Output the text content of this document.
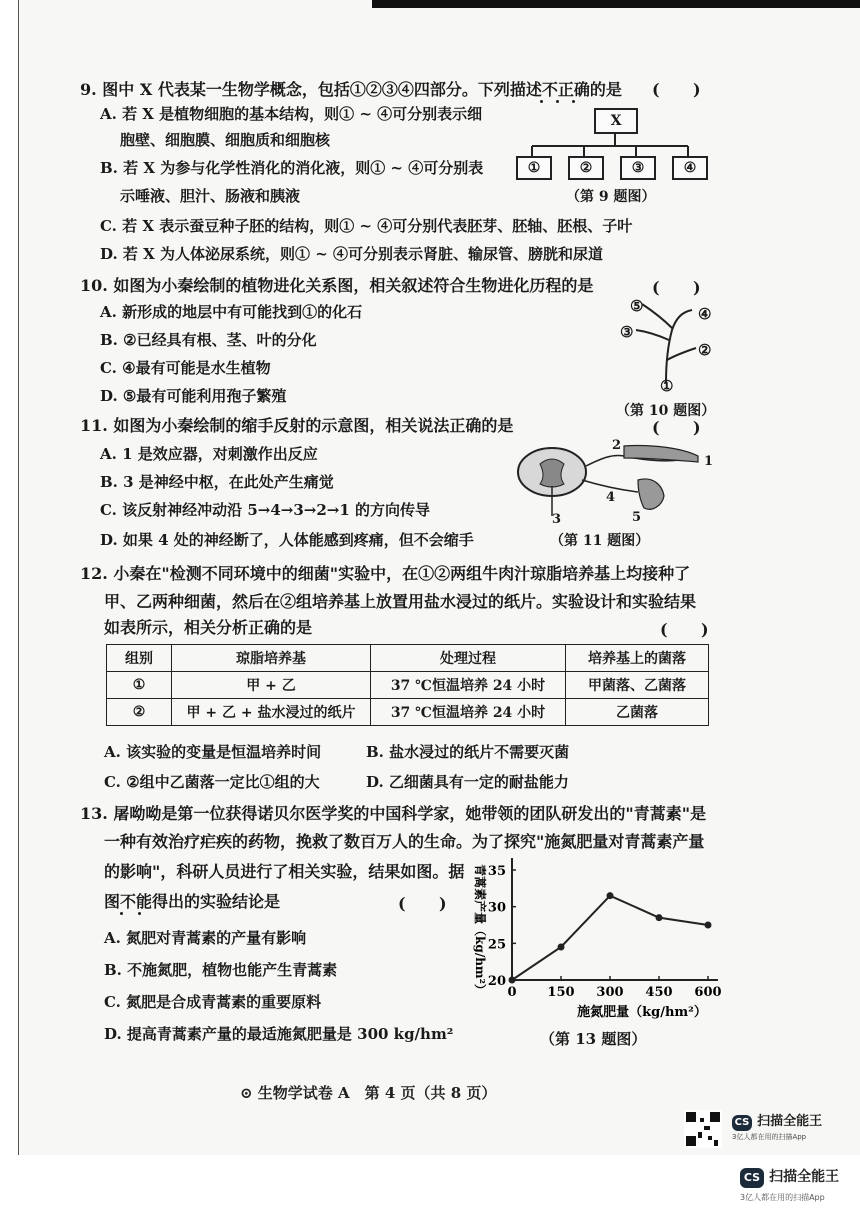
9. 图中 X 代表某一生物学概念，包括①②③④四部分。下列描述不正确的是 (      )
A. 若 X 是植物细胞的基本结构，则① ~ ④可分别表示细
胞壁、细胞膜、细胞质和细胞核
B. 若 X 为参与化学性消化的消化液，则① ~ ④可分别表
示唾液、胆汁、肠液和胰液
C. 若 X 表示蚕豆种子胚的结构，则① ~ ④可分别代表胚芽、胚轴、胚根、子叶
D. 若 X 为人体泌尿系统，则① ~ ④可分别表示肾脏、输尿管、膀胱和尿道
X
①	②	③	④
（第 9 题图）
10. 如图为小秦绘制的植物进化关系图，相关叙述符合生物进化历程的是	(      )
A. 新形成的地层中有可能找到①的化石
B. ②已经具有根、茎、叶的分化
C. ④最有可能是水生植物
D. ⑤最有可能利用孢子繁殖
①
②
③
④
⑤
（第 10 题图）
11. 如图为小秦绘制的缩手反射的示意图，相关说法正确的是	(      )
A. 1 是效应器，对刺激作出反应
B. 3 是神经中枢，在此处产生痛觉
C. 该反射神经冲动沿 5→4→3→2→1 的方向传导
D. 如果 4 处的神经断了，人体能感到疼痛，但不会缩手
1
2
3
4
5
（第 11 题图）
12. 小秦在"检测不同环境中的细菌"实验中，在①②两组牛肉汁琼脂培养基上均接种了
甲、乙两种细菌，然后在②组培养基上放置用盐水浸过的纸片。实验设计和实验结果
如表所示，相关分析正确的是	(      )
组别	琼脂培养基	处理过程	培养基上的菌落
①	甲 + 乙	37 ℃恒温培养 24 小时	甲菌落、乙菌落
②	甲 + 乙 + 盐水浸过的纸片	37 ℃恒温培养 24 小时	乙菌落
A. 该实验的变量是恒温培养时间	B. 盐水浸过的纸片不需要灭菌
C. ②组中乙菌落一定比①组的大	D. 乙细菌具有一定的耐盐能力
13. 屠呦呦是第一位获得诺贝尔医学奖的中国科学家，她带领的团队研发出的"青蒿素"是
一种有效治疗疟疾的药物，挽救了数百万人的生命。为了探究"施氮肥量对青蒿素产量
的影响"，科研人员进行了相关实验，结果如图。据
图不能得出的实验结论是	(      )
A. 氮肥对青蒿素的产量有影响
B. 不施氮肥，植物也能产生青蒿素
C. 氮肥是合成青蒿素的重要原料
D. 提高青蒿素产量的最适施氮肥量是 300 kg/hm²
20
25
30
35
0 150 300 450 600
施氮肥量（kg/hm²）
青蒿素产量（kg/hm²）
（第 13 题图）
⊙ 生物学试卷 A　第 4 页（共 8 页）
CS 扫描全能王
3亿人都在用的扫描App
CS 扫描全能王
3亿人都在用的扫描App
